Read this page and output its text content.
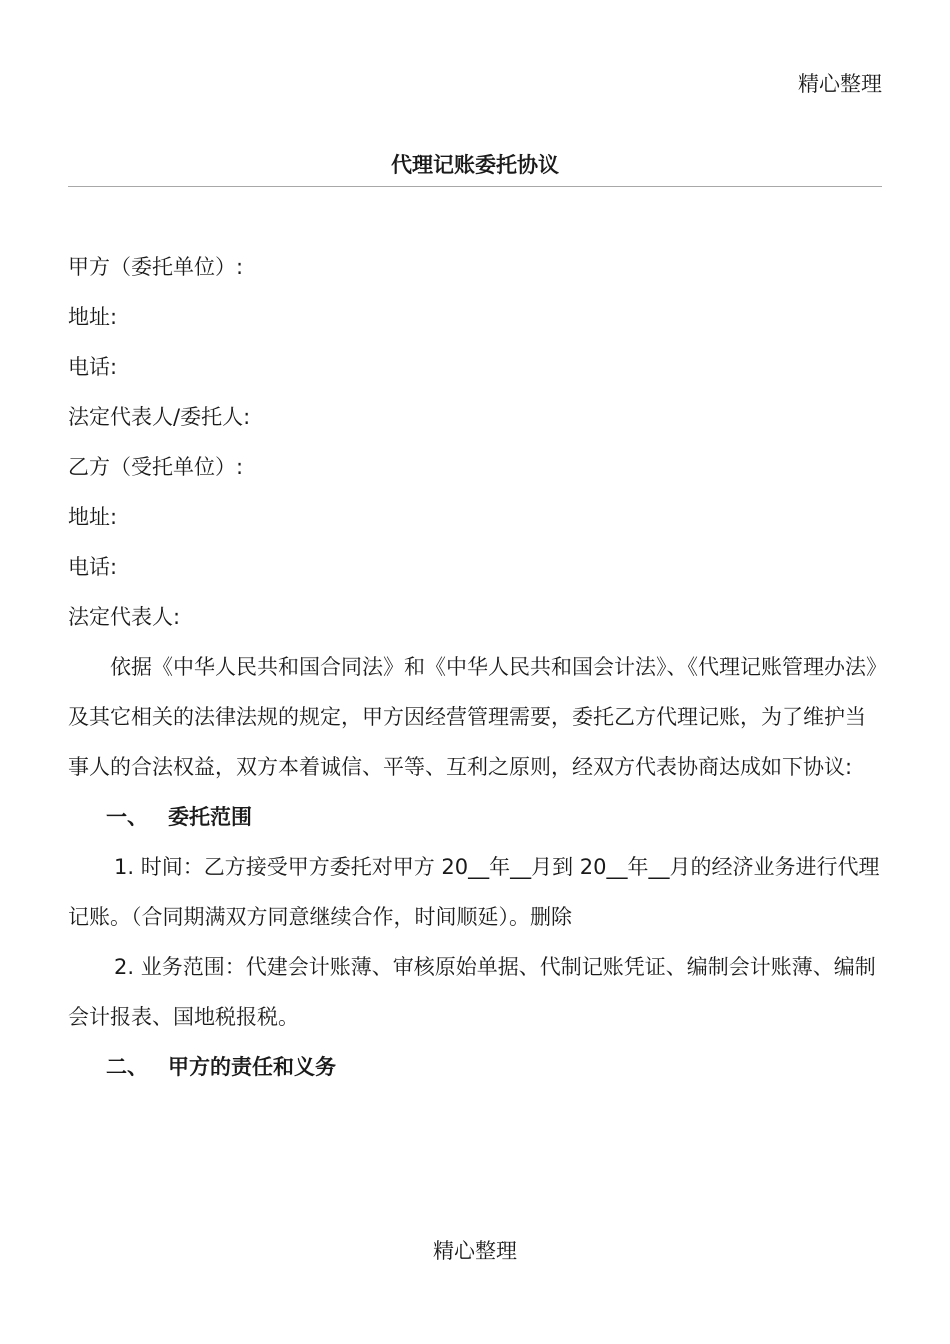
精心整理
代理记账委托协议

甲方（委托单位）:

地址:

电话:

法定代表人/委托人:

乙方（受托单位）:

地址:

电话:

法定代表人:

依据《中华人民共和国合同法》和《中华人民共和国会计法》、《代理记账管理办法》及其它相关的法律法规的规定，甲方因经营管理需要，委托乙方代理记账，为了维护当事人的合法权益，双方本着诚信、平等、互利之原则，经双方代表协商达成如下协议:

一、 委托范围

1. 时间：乙方接受甲方委托对甲方 20__年__月到 20__年__月的经济业务进行代理记账。（合同期满双方同意继续合作，时间顺延）。删除

2. 业务范围：代建会计账薄、审核原始单据、代制记账凭证、编制会计账薄、编制会计报表、国地税报税。

二、 甲方的责任和义务

精心整理
